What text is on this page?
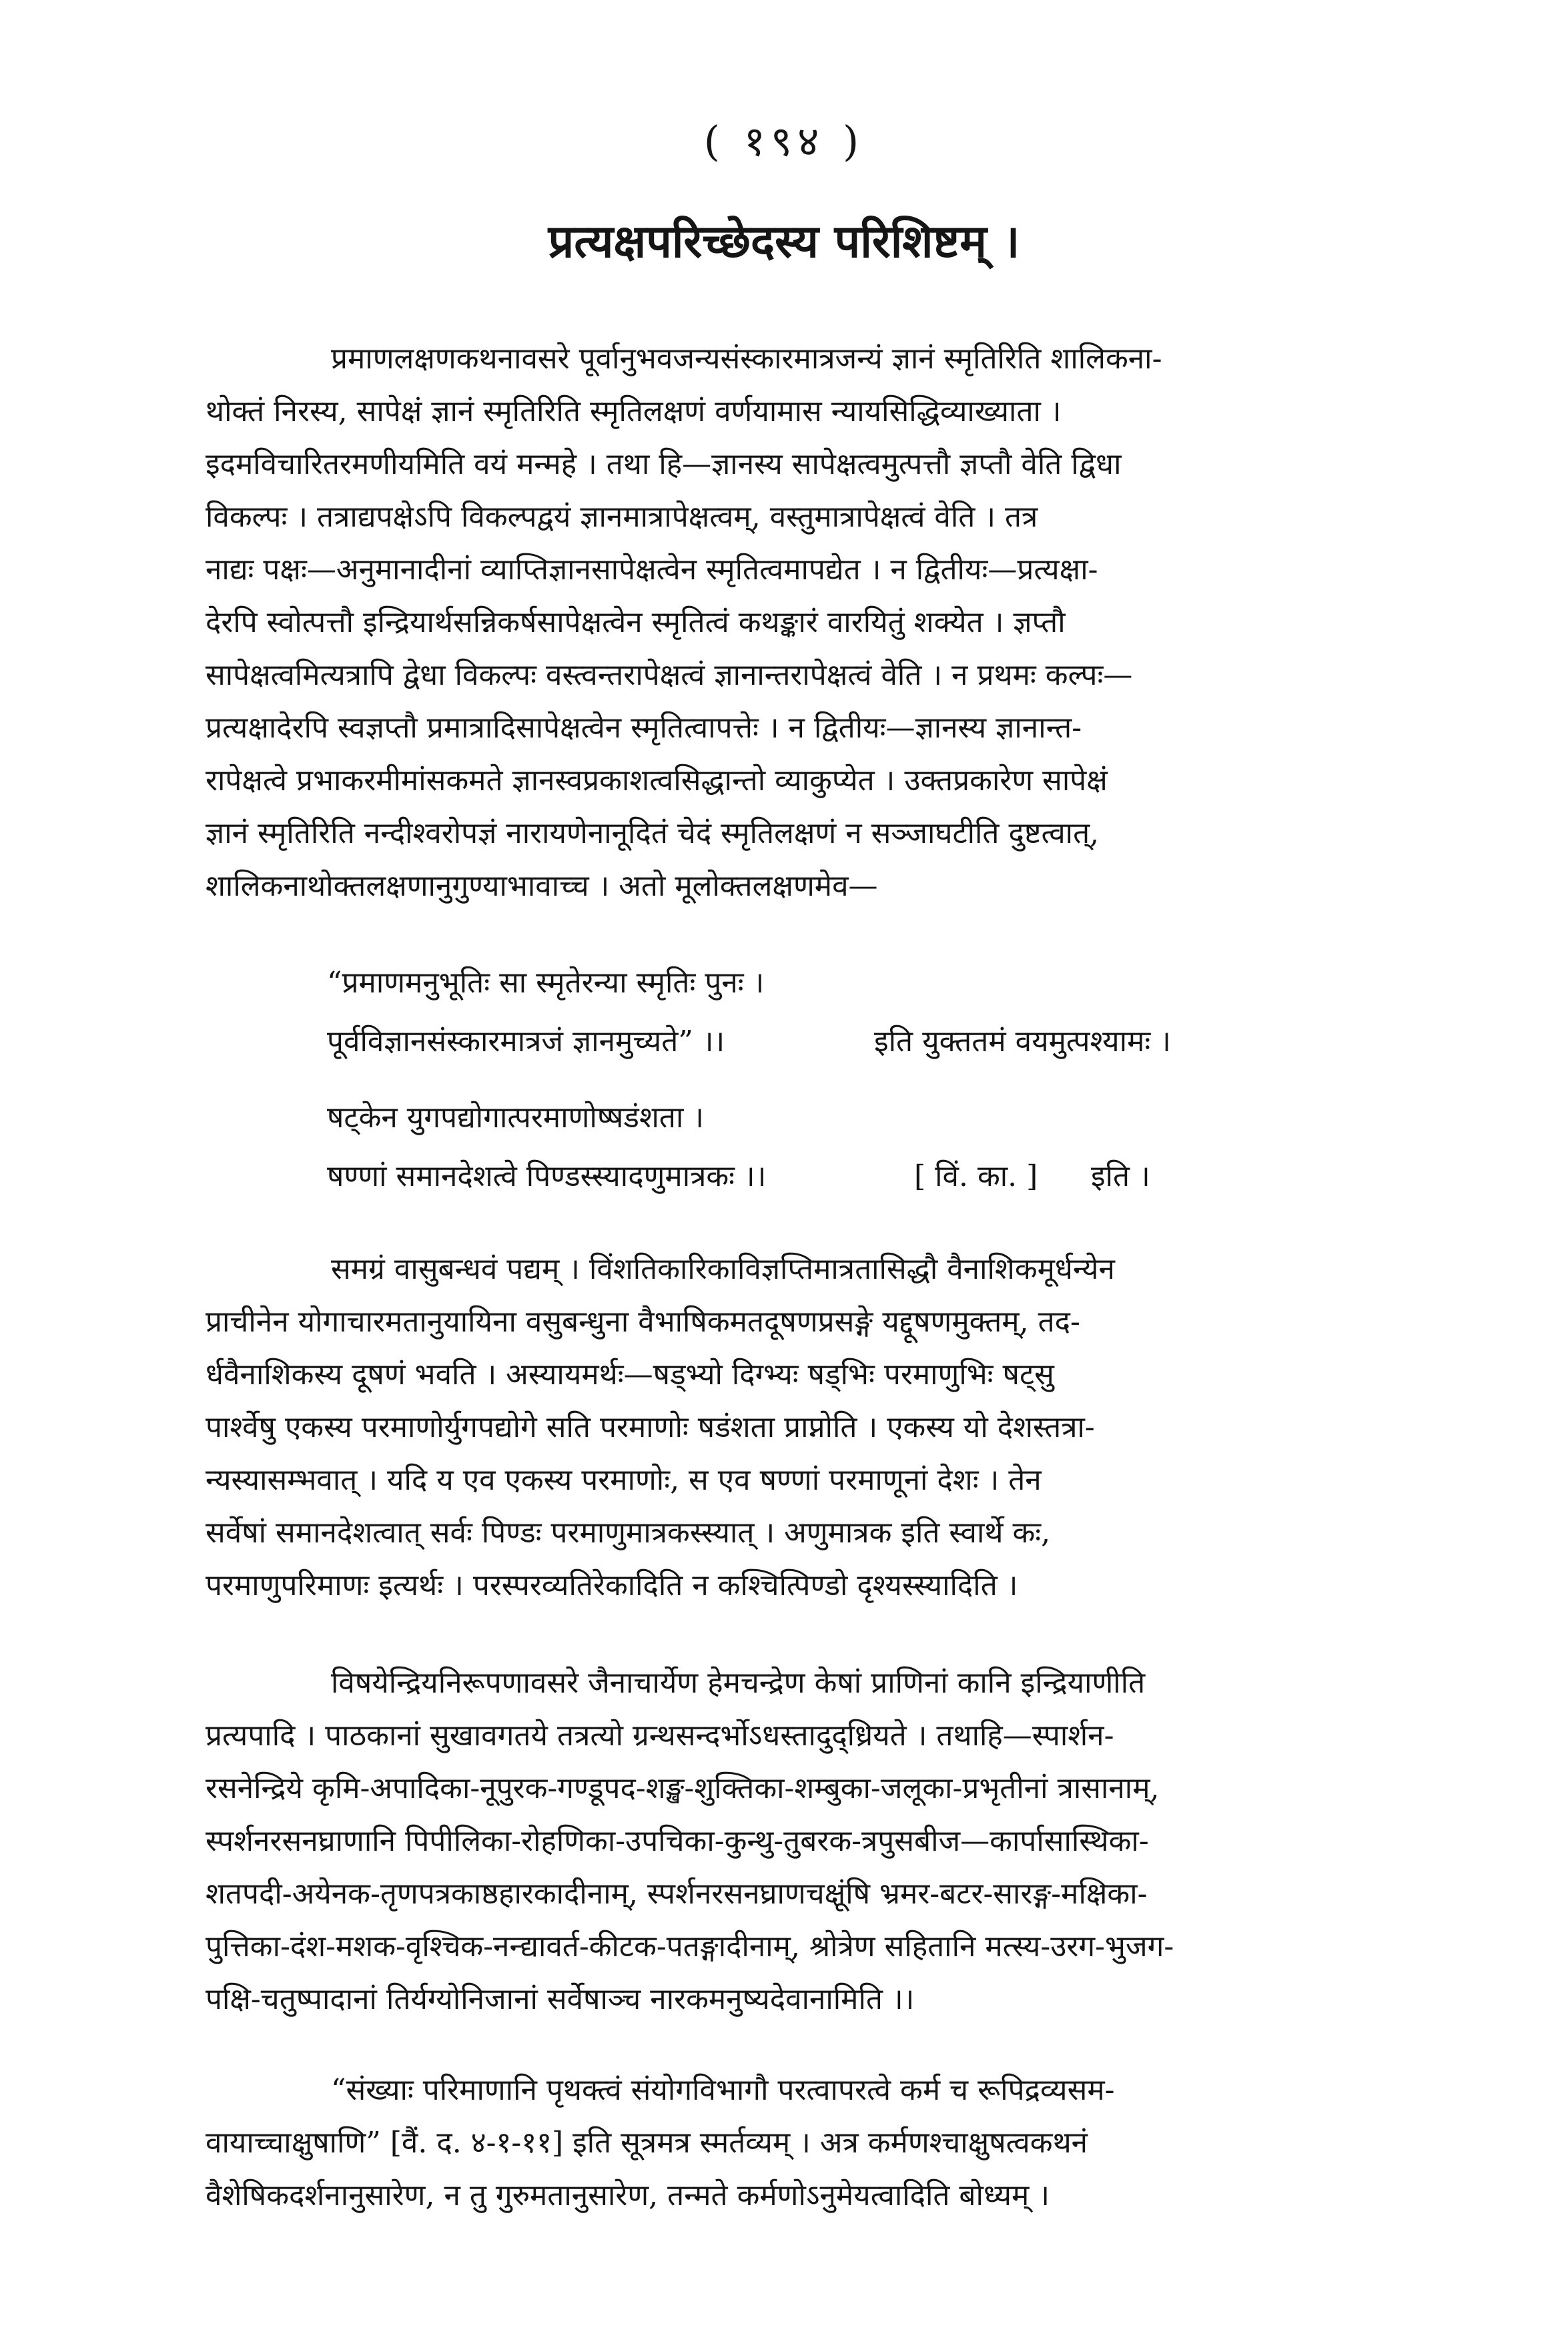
( १९४ )
प्रत्यक्षपरिच्छेदस्य परिशिष्टम् ।
प्रमाणलक्षणकथनावसरे पूर्वानुभवजन्यसंस्कारमात्रजन्यं ज्ञानं स्मृतिरिति शालिकना-
थोक्तं निरस्य, सापेक्षं ज्ञानं स्मृतिरिति स्मृतिलक्षणं वर्णयामास न्यायसिद्धिव्याख्याता ।
इदमविचारितरमणीयमिति वयं मन्महे । तथा हि—ज्ञानस्य सापेक्षत्वमुत्पत्तौ ज्ञप्तौ वेति द्विधा
विकल्पः । तत्राद्यपक्षेऽपि विकल्पद्वयं ज्ञानमात्रापेक्षत्वम्, वस्तुमात्रापेक्षत्वं वेति । तत्र
नाद्यः पक्षः—अनुमानादीनां व्याप्तिज्ञानसापेक्षत्वेन स्मृतित्वमापद्येत । न द्वितीयः—प्रत्यक्षा-
देरपि स्वोत्पत्तौ इन्द्रियार्थसन्निकर्षसापेक्षत्वेन स्मृतित्वं कथङ्कारं वारयितुं शक्येत । ज्ञप्तौ
सापेक्षत्वमित्यत्रापि द्वेधा विकल्पः वस्त्वन्तरापेक्षत्वं ज्ञानान्तरापेक्षत्वं वेति । न प्रथमः कल्पः—
प्रत्यक्षादेरपि स्वज्ञप्तौ प्रमात्रादिसापेक्षत्वेन स्मृतित्वापत्तेः । न द्वितीयः—ज्ञानस्य ज्ञानान्त-
रापेक्षत्वे प्रभाकरमीमांसकमते ज्ञानस्वप्रकाशत्वसिद्धान्तो व्याकुप्येत । उक्तप्रकारेण सापेक्षं
ज्ञानं स्मृतिरिति नन्दीश्वरोपज्ञं नारायणेनानूदितं चेदं स्मृतिलक्षणं न सञ्जाघटीति दुष्टत्वात्,
शालिकनाथोक्तलक्षणानुगुण्याभावाच्च । अतो मूलोक्तलक्षणमेव—
“प्रमाणमनुभूतिः सा स्मृतेरन्या स्मृतिः पुनः ।
पूर्वविज्ञानसंस्कारमात्रजं ज्ञानमुच्यते” ।।	इति युक्ततमं वयमुत्पश्यामः ।
षट्केन युगपद्योगात्परमाणोष्षडंशता ।
षण्णां समानदेशत्वे पिण्डस्स्यादणुमात्रकः ।।	[ विं. का. ] इति ।
समग्रं वासुबन्धवं पद्यम् । विंशतिकारिकाविज्ञप्तिमात्रतासिद्धौ वैनाशिकमूर्धन्येन
प्राचीनेन योगाचारमतानुयायिना वसुबन्धुना वैभाषिकमतदूषणप्रसङ्गे यद्दूषणमुक्तम्, तद-
र्धवैनाशिकस्य दूषणं भवति । अस्यायमर्थः—षड्भ्यो दिग्भ्यः षड्भिः परमाणुभिः षट्सु
पार्श्वेषु एकस्य परमाणोर्युगपद्योगे सति परमाणोः षडंशता प्राप्नोति । एकस्य यो देशस्तत्रा-
न्यस्यासम्भवात् । यदि य एव एकस्य परमाणोः, स एव षण्णां परमाणूनां देशः । तेन
सर्वेषां समानदेशत्वात् सर्वः पिण्डः परमाणुमात्रकस्स्यात् । अणुमात्रक इति स्वार्थे कः,
परमाणुपरिमाणः इत्यर्थः । परस्परव्यतिरेकादिति न कश्चित्पिण्डो दृश्यस्स्यादिति ।
विषयेन्द्रियनिरूपणावसरे जैनाचार्येण हेमचन्द्रेण केषां प्राणिनां कानि इन्द्रियाणीति
प्रत्यपादि । पाठकानां सुखावगतये तत्रत्यो ग्रन्थसन्दर्भोऽधस्तादुद्ध्रियते । तथाहि—स्पार्शन-
रसनेन्द्रिये कृमि-अपादिका-नूपुरक-गण्डूपद-शङ्ख-शुक्तिका-शम्बुका-जलूका-प्रभृतीनां त्रासानाम्,
स्पर्शनरसनघ्राणानि पिपीलिका-रोहणिका-उपचिका-कुन्थु-तुबरक-त्रपुसबीज—कार्पासास्थिका-
शतपदी-अयेनक-तृणपत्रकाष्ठहारकादीनाम्, स्पर्शनरसनघ्राणचक्षूंषि भ्रमर-बटर-सारङ्ग-मक्षिका-
पुत्तिका-दंश-मशक-वृश्चिक-नन्द्यावर्त-कीटक-पतङ्गादीनाम्, श्रोत्रेण सहितानि मत्स्य-उरग-भुजग-
पक्षि-चतुष्पादानां तिर्यग्योनिजानां सर्वेषाञ्च नारकमनुष्यदेवानामिति ।।
“संख्याः परिमाणानि पृथक्त्वं संयोगविभागौ परत्वापरत्वे कर्म च रूपिद्रव्यसम-
वायाच्चाक्षुषाणि” [वैं. द. ४-१-११] इति सूत्रमत्र स्मर्तव्यम् । अत्र कर्मणश्चाक्षुषत्वकथनं
वैशेषिकदर्शनानुसारेण, न तु गुरुमतानुसारेण, तन्मते कर्मणोऽनुमेयत्वादिति बोध्यम् ।
